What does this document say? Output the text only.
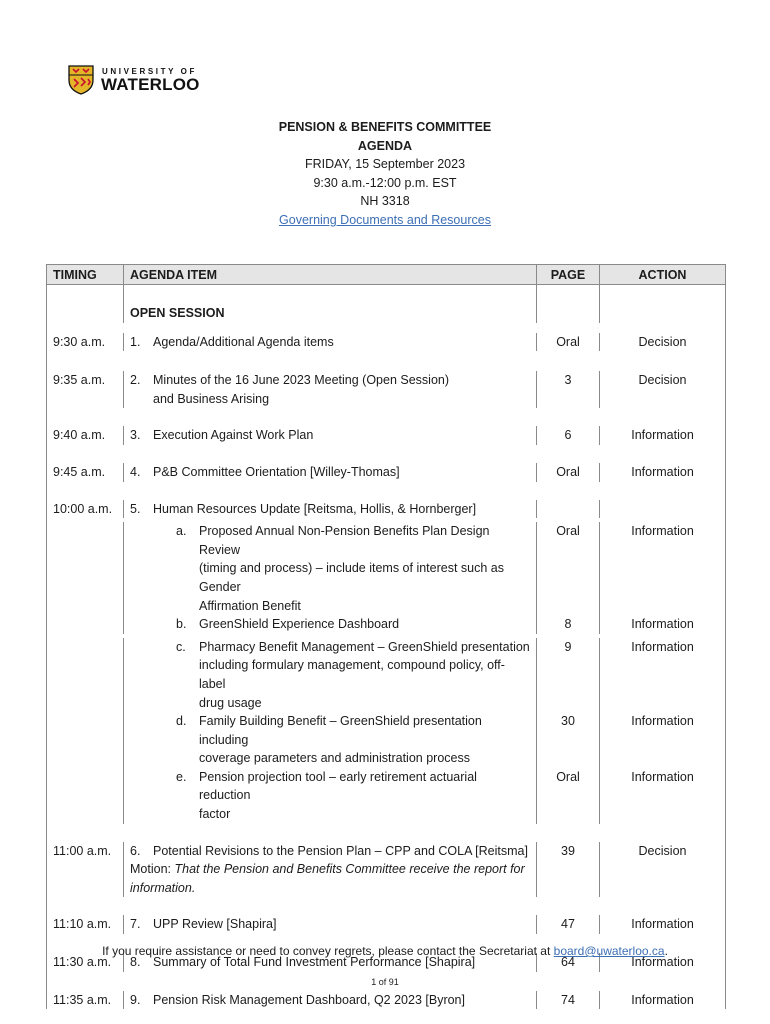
UNIVERSITY OF
WATERLOO
PENSION & BENEFITS COMMITTEE
AGENDA
FRIDAY, 15 September 2023
9:30 a.m.-12:00 p.m. EST
NH 3318
Governing Documents and Resources
TIMING	AGENDA ITEM	PAGE	ACTION
	OPEN SESSION		

9:30 a.m.	1. Agenda/Additional Agenda items	Oral	Decision

9:35 a.m.	2. Minutes of the 16 June 2023 Meeting (Open Session)
and Business Arising	3	Decision

9:40 a.m.	3. Execution Against Work Plan	6	Information

9:45 a.m.	4. P&B Committee Orientation [Willey-Thomas]	Oral	Information

10:00 a.m.	5. Human Resources Update [Reitsma, Hollis, & Hornberger]		

	a. Proposed Annual Non-Pension Benefits Plan Design Review
(timing and process) – include items of interest such as Gender
Affirmation Benefit	Oral	Information

	b. GreenShield Experience Dashboard	8	Information

	c. Pharmacy Benefit Management – GreenShield presentation
including formulary management, compound policy, off-label
drug usage	9	Information

	d. Family Building Benefit – GreenShield presentation including
coverage parameters and administration process	30	Information

	e. Pension projection tool – early retirement actuarial reduction
factor	Oral	Information

11:00 a.m.	6. Potential Revisions to the Pension Plan – CPP and COLA [Reitsma]
Motion: That the Pension and Benefits Committee receive the report for
information.	39	Decision

11:10 a.m.	7. UPP Review [Shapira]	47	Information

11:30 a.m.	8. Summary of Total Fund Investment Performance [Shapira]	64	Information

11:35 a.m.	9. Pension Risk Management Dashboard, Q2 2023 [Byron]	74	Information
If you require assistance or need to convey regrets, please contact the Secretariat at board@uwaterloo.ca.
1 of 91
